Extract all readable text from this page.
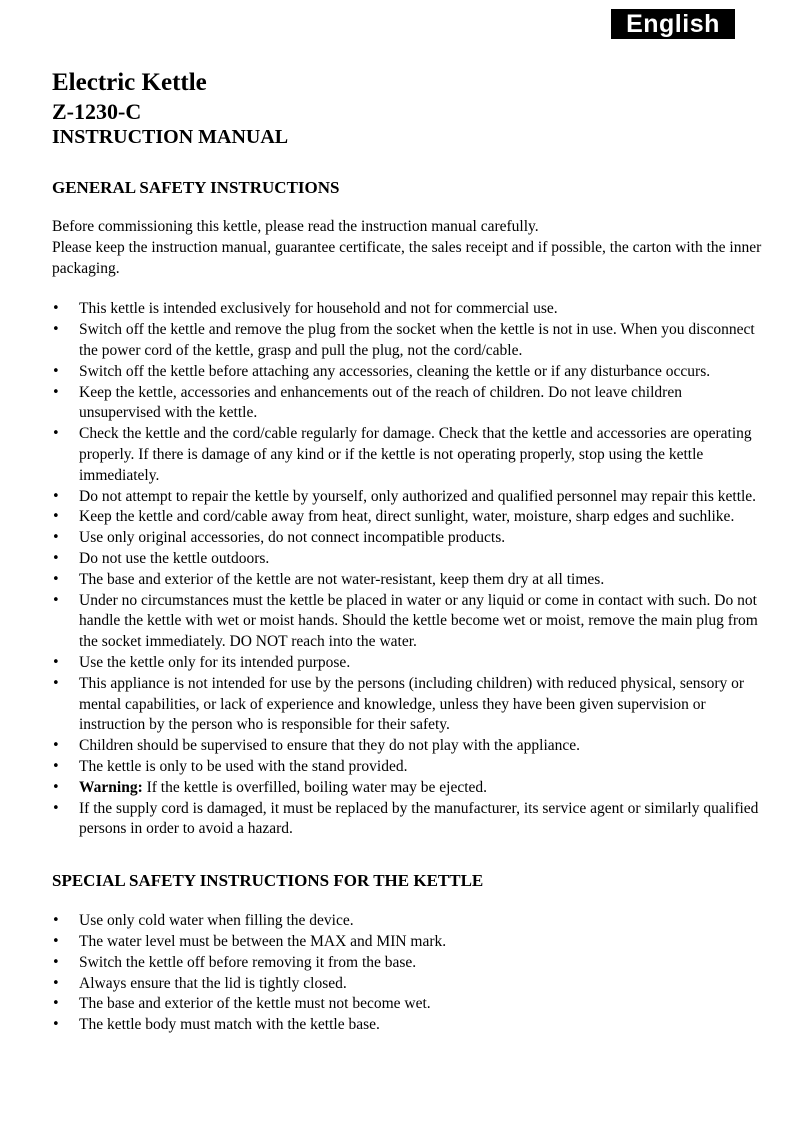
English
Electric Kettle
Z-1230-C
INSTRUCTION MANUAL
GENERAL SAFETY INSTRUCTIONS

Before commissioning this kettle, please read the instruction manual carefully.
Please keep the instruction manual, guarantee certificate, the sales receipt and if possible, the carton with the inner packaging.

• This kettle is intended exclusively for household and not for commercial use.
• Switch off the kettle and remove the plug from the socket when the kettle is not in use. When you disconnect the power cord of the kettle, grasp and pull the plug, not the cord/cable.
• Switch off the kettle before attaching any accessories, cleaning the kettle or if any disturbance occurs.
• Keep the kettle, accessories and enhancements out of the reach of children. Do not leave children unsupervised with the kettle.
• Check the kettle and the cord/cable regularly for damage. Check that the kettle and accessories are operating properly. If there is damage of any kind or if the kettle is not operating properly, stop using the kettle immediately.
• Do not attempt to repair the kettle by yourself, only authorized and qualified personnel may repair this kettle.
• Keep the kettle and cord/cable away from heat, direct sunlight, water, moisture, sharp edges and suchlike.
• Use only original accessories, do not connect incompatible products.
• Do not use the kettle outdoors.
• The base and exterior of the kettle are not water-resistant, keep them dry at all times.
• Under no circumstances must the kettle be placed in water or any liquid or come in contact with such. Do not handle the kettle with wet or moist hands. Should the kettle become wet or moist, remove the main plug from the socket immediately. DO NOT reach into the water.
• Use the kettle only for its intended purpose.
• This appliance is not intended for use by the persons (including children) with reduced physical, sensory or mental capabilities, or lack of experience and knowledge, unless they have been given supervision or instruction by the person who is responsible for their safety.
• Children should be supervised to ensure that they do not play with the appliance.
• The kettle is only to be used with the stand provided.
• Warning: If the kettle is overfilled, boiling water may be ejected.
• If the supply cord is damaged, it must be replaced by the manufacturer, its service agent or similarly qualified persons in order to avoid a hazard.
SPECIAL SAFETY INSTRUCTIONS FOR THE KETTLE
• Use only cold water when filling the device.
• The water level must be between the MAX and MIN mark.
• Switch the kettle off before removing it from the base.
• Always ensure that the lid is tightly closed.
• The base and exterior of the kettle must not become wet.
• The kettle body must match with the kettle base.
